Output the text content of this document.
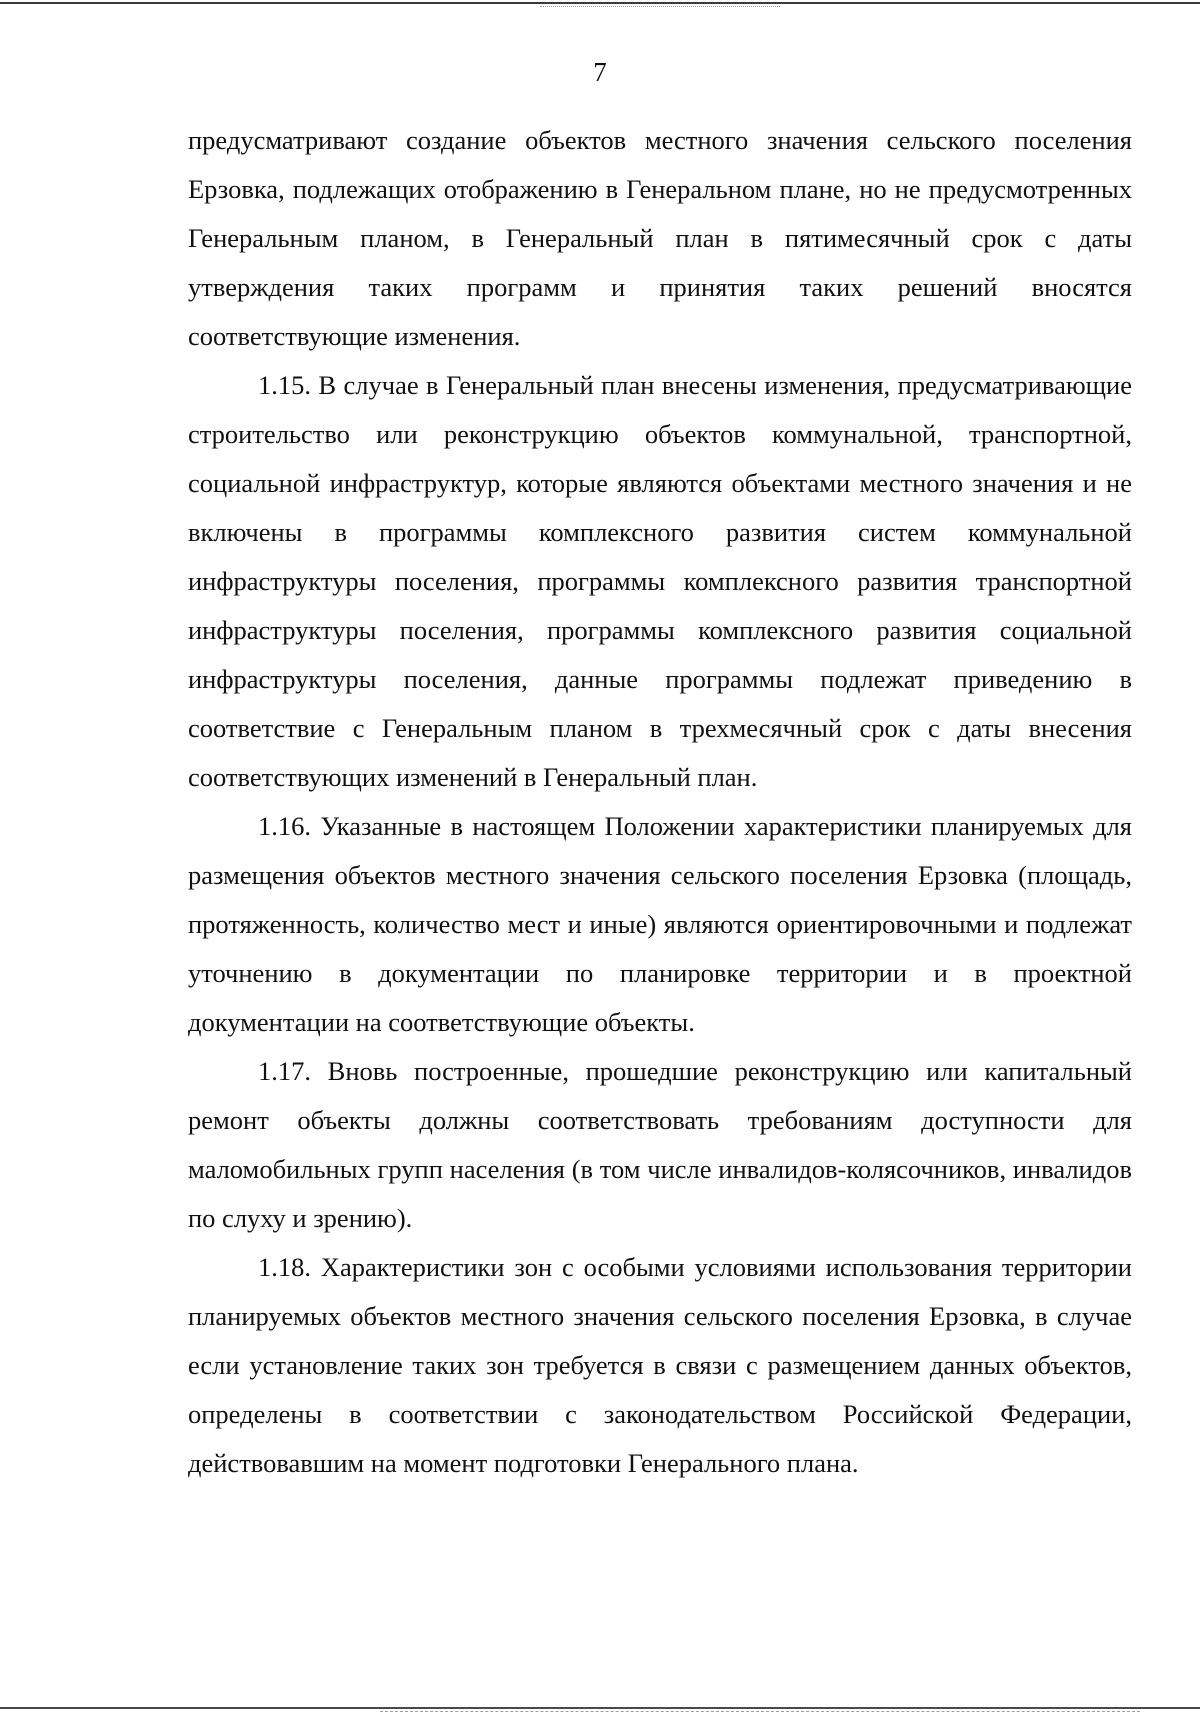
7

предусматривают создание объектов местного значения сельского поселения Ерзовка, подлежащих отображению в Генеральном плане, но не предусмотренных Генеральным планом, в Генеральный план в пятимесячный срок с даты утверждения таких программ и принятия таких решений вносятся соответствующие изменения.

1.15. В случае в Генеральный план внесены изменения, предусматривающие строительство или реконструкцию объектов коммунальной, транспортной, социальной инфраструктур, которые являются объектами местного значения и не включены в программы комплексного развития систем коммунальной инфраструктуры поселения, программы комплексного развития транспортной инфраструктуры поселения, программы комплексного развития социальной инфраструктуры поселения, данные программы подлежат приведению в соответствие с Генеральным планом в трехмесячный срок с даты внесения соответствующих изменений в Генеральный план.

1.16. Указанные в настоящем Положении характеристики планируемых для размещения объектов местного значения сельского поселения Ерзовка (площадь, протяженность, количество мест и иные) являются ориентировочными и подлежат уточнению в документации по планировке территории и в проектной документации на соответствующие объекты.

1.17. Вновь построенные, прошедшие реконструкцию или капитальный ремонт объекты должны соответствовать требованиям доступности для маломобильных групп населения (в том числе инвалидов-колясочников, инвалидов по слуху и зрению).

1.18. Характеристики зон с особыми условиями использования территории планируемых объектов местного значения сельского поселения Ерзовка, в случае если установление таких зон требуется в связи с размещением данных объектов, определены в соответствии с законодательством Российской Федерации, действовавшим на момент подготовки Генерального плана.
